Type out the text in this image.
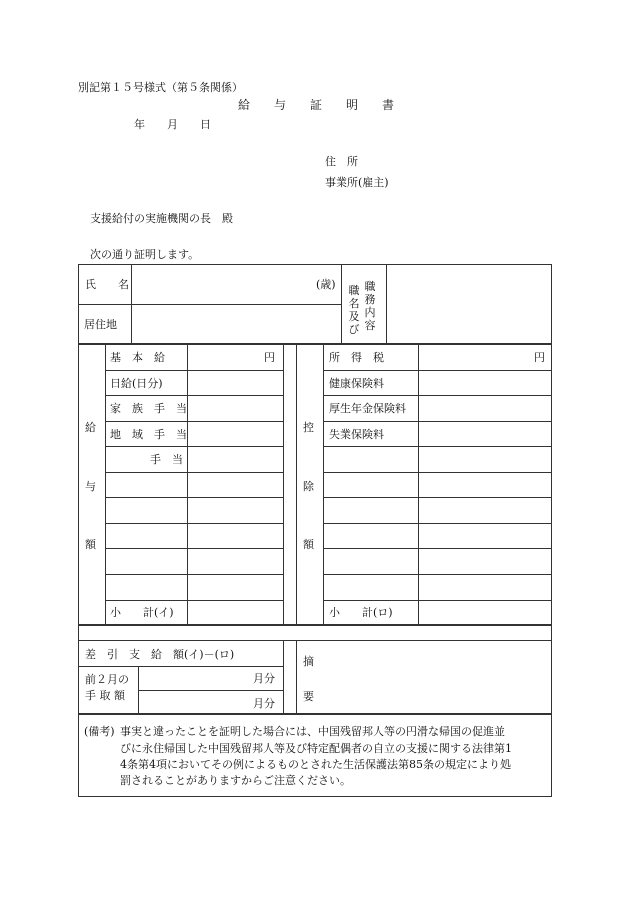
別記第１５号様式（第５条関係）
給　　与　　証　　明　　書
年　　月　　日
住　所
事業所(雇主)
支援給付の実施機関の長　殿
次の通り証明します。
氏　　名	(歳)
居住地
職名及び
職務内容
給
与
額
控
除
額
基　本　給
日給(日分)
家　族　手　当
地　域　手　当
手　当
円
小　　計(イ)
所　得　税
健康保険料
厚生年金保険料
失業保険料
円
小　　計(ロ)
差　引　支　給　額(イ)－(ロ)
前２月の
手 取 額
月分
月分
摘
要
(備考) 事実と違ったことを証明した場合には、中国残留邦人等の円滑な帰国の促進並
びに永住帰国した中国残留邦人等及び特定配偶者の自立の支援に関する法律第1
4条第4項においてその例によるものとされた生活保護法第85条の規定により処
罰されることがありますからご注意ください。
